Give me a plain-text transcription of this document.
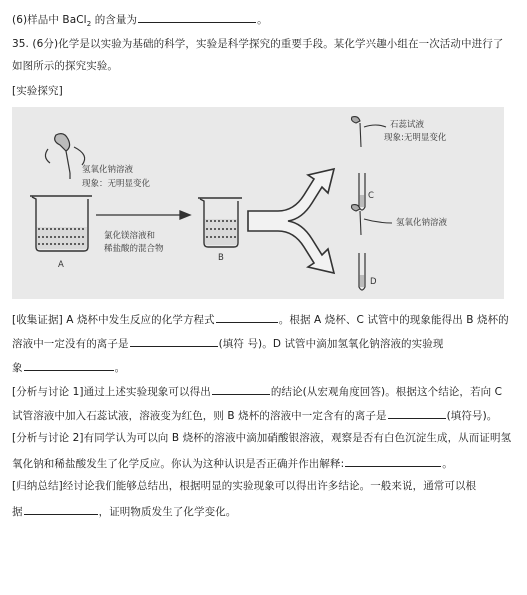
(6)样品中 BaCl$_2$ 的含量为	。
35. (6分)化学是以实验为基础的科学，实验是科学探究的重要手段。某化学兴趣小组在一次活动中进行了
如图所示的探究实验。
[实验探究]
氢氧化钠溶液
现象：无明显变化
氯化镁溶液和
稀盐酸的混合物
A
B
石蕊试液
现象:无明显变化
C
氢氧化钠溶液
D
[收集证据] A 烧杯中发生反应的化学方程式	。根据 A 烧杯、C 试管中的现象能得出 B 烧杯的
溶液中一定没有的离子是	(填符 号)。D 试管中滴加氢氧化钠溶液的实验现
象	。
[分析与讨论 1]通过上述实验现象可以得出	的结论(从宏观角度回答)。根据这个结论，若向 C
试管溶液中加入石蕊试液，溶液变为红色，则 B 烧杯的溶液中一定含有的离子是	(填符号)。
[分析与讨论 2]有同学认为可以向 B 烧杯的溶液中滴加硝酸银溶液，观察是否有白色沉淀生成，从而证明氢
氧化钠和稀盐酸发生了化学反应。你认为这种认识是否正确并作出解释:	。
[归纳总结]经讨论我们能够总结出，根据明显的实验现象可以得出许多结论。一般来说，通常可以根
据	，证明物质发生了化学变化。
